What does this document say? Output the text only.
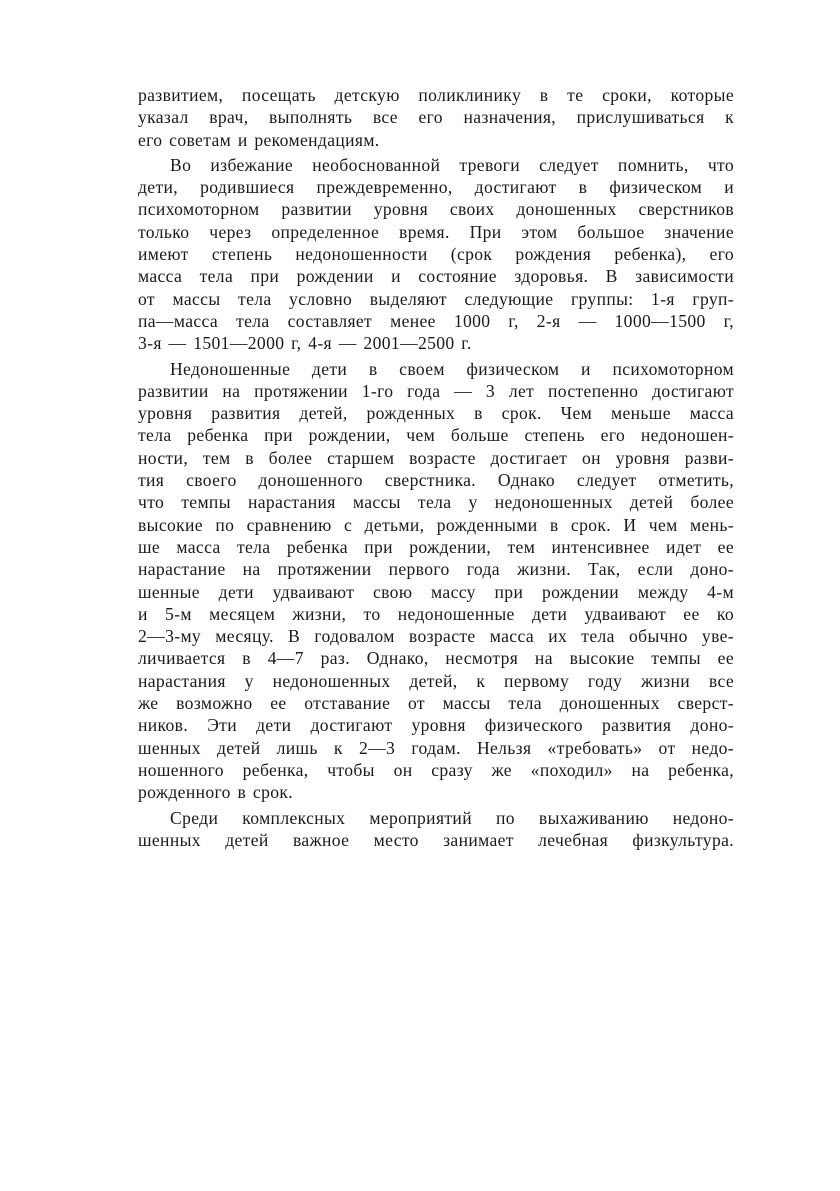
развитием, посещать детскую поликлинику в те сроки, которые
указал врач, выполнять все его назначения, прислушиваться к
его советам и рекомендациям.

Во избежание необоснованной тревоги следует помнить, что
дети, родившиеся преждевременно, достигают в физическом и
психомоторном развитии уровня своих доношенных сверстников
только через определенное время. При этом большое значение
имеют степень недоношенности (срок рождения ребенка), его
масса тела при рождении и состояние здоровья. В зависимости
от массы тела условно выделяют следующие группы: 1-я груп-
па—масса тела составляет менее 1000 г, 2-я — 1000—1500 г,
3-я — 1501—2000 г, 4-я — 2001—2500 г.

Недоношенные дети в своем физическом и психомоторном
развитии на протяжении 1-го года — 3 лет постепенно достигают
уровня развития детей, рожденных в срок. Чем меньше масса
тела ребенка при рождении, чем больше степень его недоношен-
ности, тем в более старшем возрасте достигает он уровня разви-
тия своего доношенного сверстника. Однако следует отметить,
что темпы нарастания массы тела у недоношенных детей более
высокие по сравнению с детьми, рожденными в срок. И чем мень-
ше масса тела ребенка при рождении, тем интенсивнее идет ее
нарастание на протяжении первого года жизни. Так, если доно-
шенные дети удваивают свою массу при рождении между 4-м
и 5-м месяцем жизни, то недоношенные дети удваивают ее ко
2—3-му месяцу. В годовалом возрасте масса их тела обычно уве-
личивается в 4—7 раз. Однако, несмотря на высокие темпы ее
нарастания у недоношенных детей, к первому году жизни все
же возможно ее отставание от массы тела доношенных сверст-
ников. Эти дети достигают уровня физического развития доно-
шенных детей лишь к 2—3 годам. Нельзя «требовать» от недо-
ношенного ребенка, чтобы он сразу же «походил» на ребенка,
рожденного в срок.

Среди комплексных мероприятий по выхаживанию недоно-
шенных детей важное место занимает лечебная физкультура.
